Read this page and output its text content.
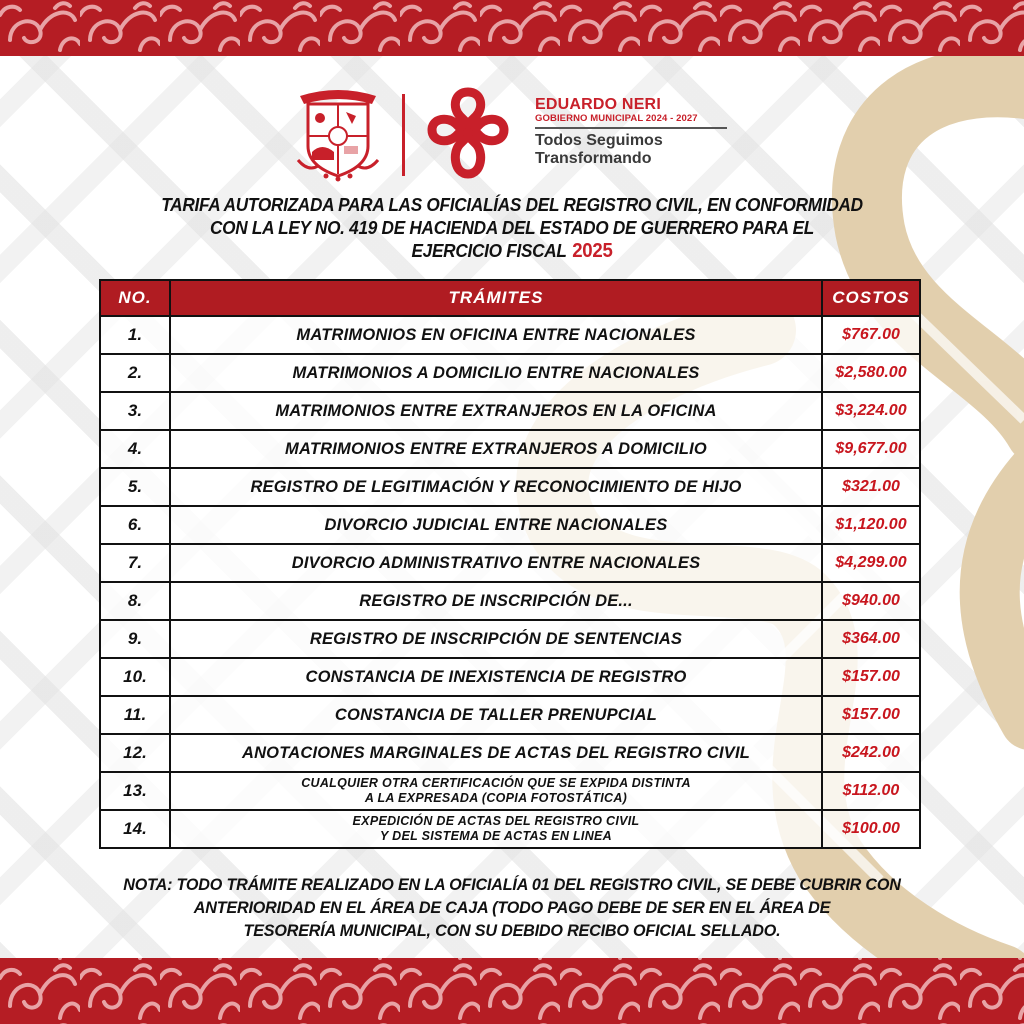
EDUARDO NERI
GOBIERNO MUNICIPAL 2024 - 2027
Todos Seguimos
Transformando
TARIFA AUTORIZADA PARA LAS OFICIALÍAS DEL REGISTRO CIVIL, EN CONFORMIDAD
CON LA LEY NO. 419 DE HACIENDA DEL ESTADO DE GUERRERO PARA EL
EJERCICIO FISCAL 2025
NO.	TRÁMITES	COSTOS
1.	MATRIMONIOS EN OFICINA ENTRE NACIONALES	$767.00
2.	MATRIMONIOS A DOMICILIO ENTRE NACIONALES	$2,580.00
3.	MATRIMONIOS ENTRE EXTRANJEROS EN LA OFICINA	$3,224.00
4.	MATRIMONIOS ENTRE EXTRANJEROS A DOMICILIO	$9,677.00
5.	REGISTRO DE LEGITIMACIÓN Y RECONOCIMIENTO DE HIJO	$321.00
6.	DIVORCIO JUDICIAL ENTRE NACIONALES	$1,120.00
7.	DIVORCIO ADMINISTRATIVO ENTRE NACIONALES	$4,299.00
8.	REGISTRO DE INSCRIPCIÓN DE...	$940.00
9.	REGISTRO DE INSCRIPCIÓN DE SENTENCIAS	$364.00
10.	CONSTANCIA DE INEXISTENCIA DE REGISTRO	$157.00
11.	CONSTANCIA DE TALLER PRENUPCIAL	$157.00
12.	ANOTACIONES MARGINALES DE ACTAS DEL REGISTRO CIVIL	$242.00
13.	CUALQUIER OTRA CERTIFICACIÓN QUE SE EXPIDA DISTINTA
A LA EXPRESADA (COPIA FOTOSTÁTICA)	$112.00
14.	EXPEDICIÓN DE ACTAS DEL REGISTRO CIVIL
Y DEL SISTEMA DE ACTAS EN LINEA	$100.00
NOTA: TODO TRÁMITE REALIZADO EN LA OFICIALÍA 01 DEL REGISTRO CIVIL, SE DEBE CUBRIR CON
ANTERIORIDAD EN EL ÁREA DE CAJA (TODO PAGO DEBE DE SER EN EL ÁREA DE
TESORERÍA MUNICIPAL, CON SU DEBIDO RECIBO OFICIAL SELLADO.
